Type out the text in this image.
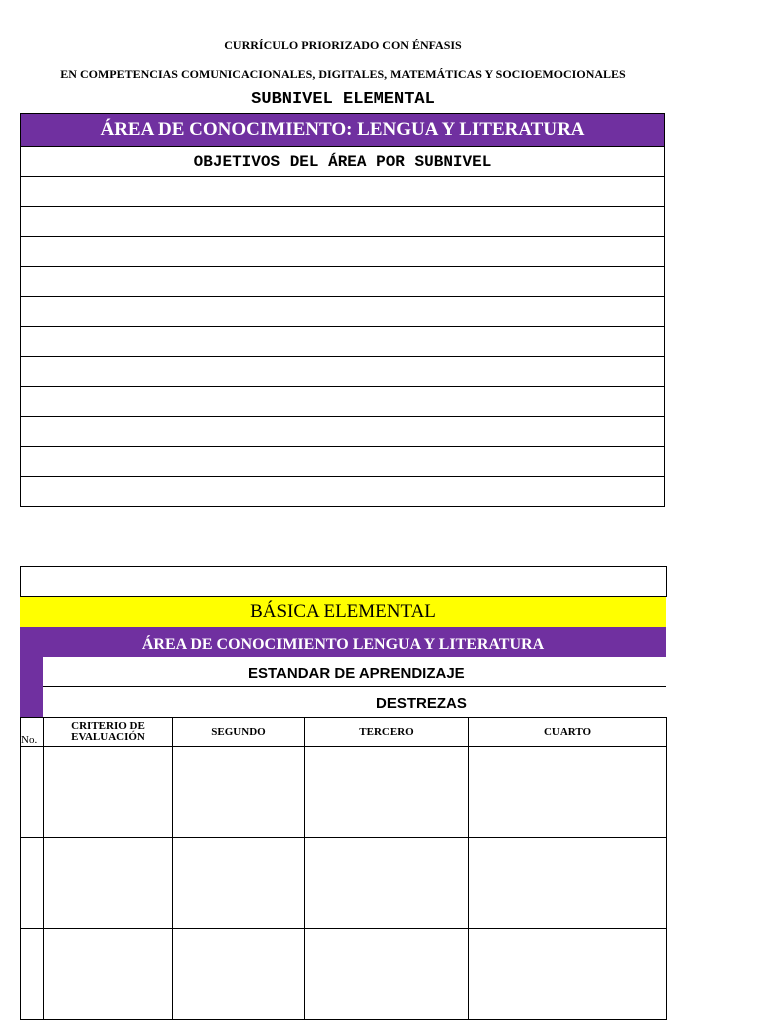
CURRÍCULO PRIORIZADO CON ÉNFASIS
EN COMPETENCIAS COMUNICACIONALES, DIGITALES, MATEMÁTICAS Y SOCIOEMOCIONALES
SUBNIVEL ELEMENTAL
ÁREA DE CONOCIMIENTO: LENGUA Y LITERATURA
OBJETIVOS DEL ÁREA POR SUBNIVEL
BÁSICA ELEMENTAL
ÁREA DE CONOCIMIENTO LENGUA Y LITERATURA
ESTANDAR DE APRENDIZAJE
DESTREZAS
No.	CRITERIO DE EVALUACIÓN	SEGUNDO	TERCERO	CUARTO
